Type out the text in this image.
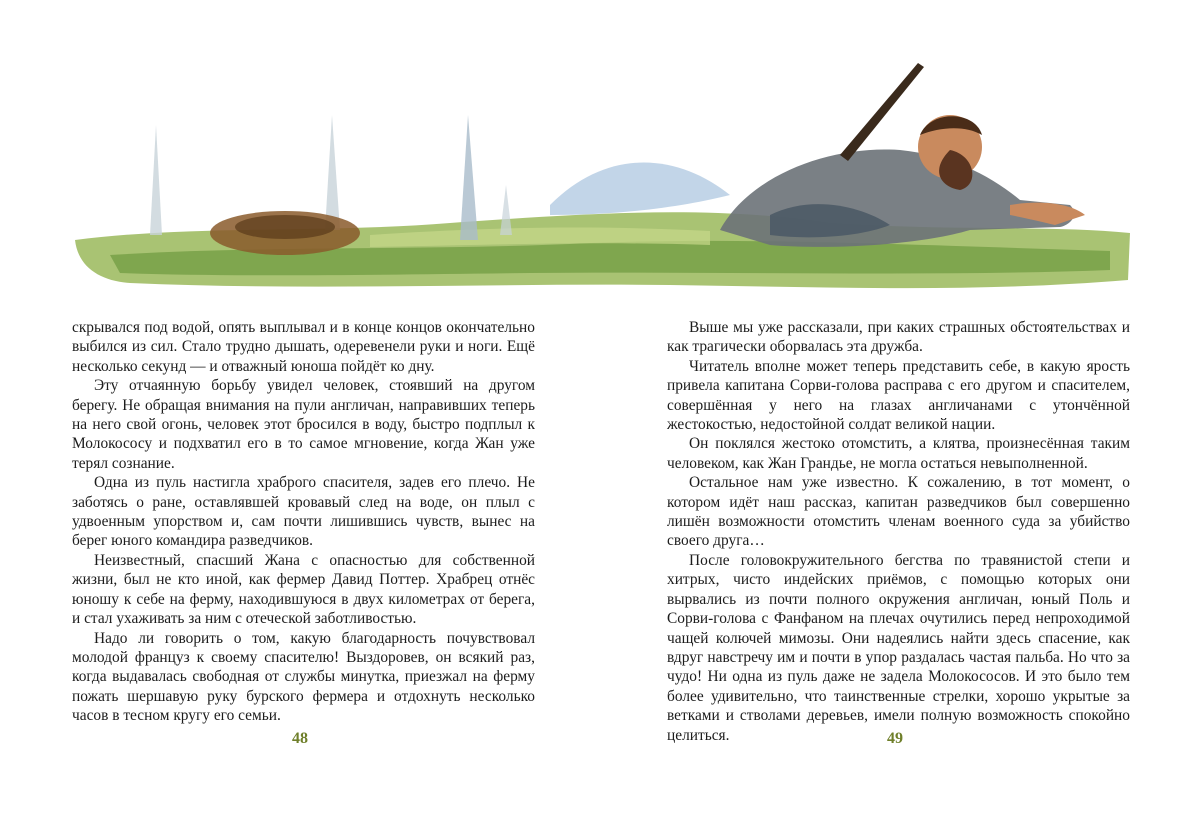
скрывался под водой, опять выплывал и в конце концов окончательно выбился из сил. Стало трудно дышать, одеревенели руки и ноги. Ещё несколько секунд — и отважный юноша пойдёт ко дну.

Эту отчаянную борьбу увидел человек, стоявший на другом берегу. Не обращая внимания на пули англичан, направивших теперь на него свой огонь, человек этот бросился в воду, быстро подплыл к Молокососу и подхватил его в то самое мгновение, когда Жан уже терял сознание.

Одна из пуль настигла храброго спасителя, задев его плечо. Не заботясь о ране, оставлявшей кровавый след на воде, он плыл с удвоенным упорством и, сам почти лишившись чувств, вынес на берег юного командира разведчиков.

Неизвестный, спасший Жана с опасностью для собственной жизни, был не кто иной, как фермер Давид Поттер. Храбрец отнёс юношу к себе на ферму, находившуюся в двух километрах от берега, и стал ухаживать за ним с отеческой заботливостью.

Надо ли говорить о том, какую благодарность почувствовал молодой француз к своему спасителю! Выздоровев, он всякий раз, когда выдавалась свободная от службы минутка, приезжал на ферму пожать шершавую руку бурского фермера и отдохнуть несколько часов в тесном кругу его семьи.

Выше мы уже рассказали, при каких страшных обстоятельствах и как трагически оборвалась эта дружба.

Читатель вполне может теперь представить себе, в какую ярость привела капитана Сорви-голова расправа с его другом и спасителем, совершённая у него на глазах англичанами с утончённой жестокостью, недостойной солдат великой нации.

Он поклялся жестоко отомстить, а клятва, произнесённая таким человеком, как Жан Грандье, не могла остаться невыполненной.

Остальное нам уже известно. К сожалению, в тот момент, о котором идёт наш рассказ, капитан разведчиков был совершенно лишён возможности отомстить членам военного суда за убийство своего друга…

После головокружительного бегства по травянистой степи и хитрых, чисто индейских приёмов, с помощью которых они вырвались из почти полного окружения англичан, юный Поль и Сорви-голова с Фанфаном на плечах очутились перед непроходимой чащей колючей мимозы. Они надеялись найти здесь спасение, как вдруг навстречу им и почти в упор раздалась частая пальба. Но что за чудо! Ни одна из пуль даже не задела Молокососов. И это было тем более удивительно, что таинственные стрелки, хорошо укрытые за ветками и стволами деревьев, имели полную возможность спокойно целиться.

48	49
